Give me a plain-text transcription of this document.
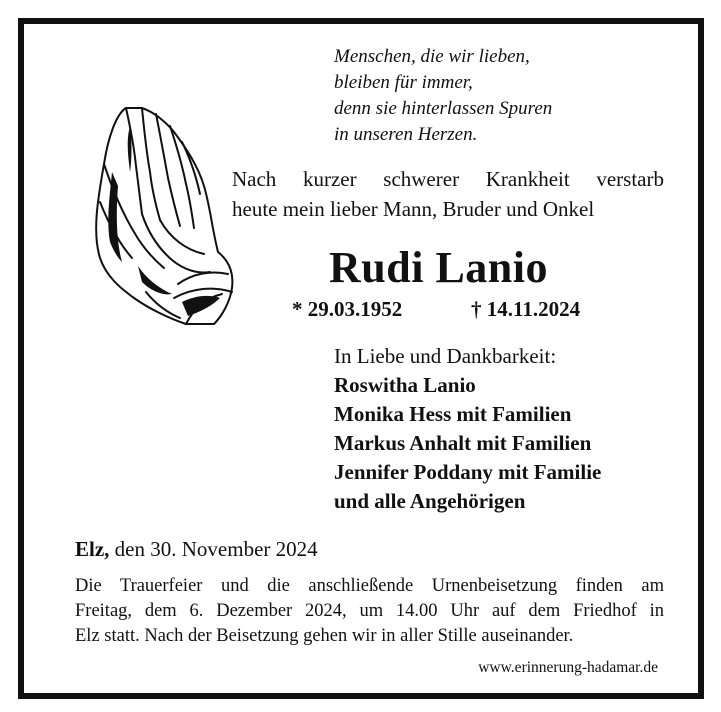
Menschen, die wir lieben,
bleiben für immer,
denn sie hinterlassen Spuren
in unseren Herzen.
Nach kurzer schwerer Krankheit verstarb
heute mein lieber Mann, Bruder und Onkel
Rudi Lanio
* 29.03.1952	† 14.11.2024
In Liebe und Dankbarkeit:
Roswitha Lanio
Monika Hess mit Familien
Markus Anhalt mit Familien
Jennifer Poddany mit Familie
und alle Angehörigen
Elz, den 30. November 2024
Die Trauerfeier und die anschließende Urnenbeisetzung finden am
Freitag, dem 6. Dezember 2024, um 14.00 Uhr auf dem Friedhof in
Elz statt. Nach der Beisetzung gehen wir in aller Stille auseinander.
www.erinnerung-hadamar.de
